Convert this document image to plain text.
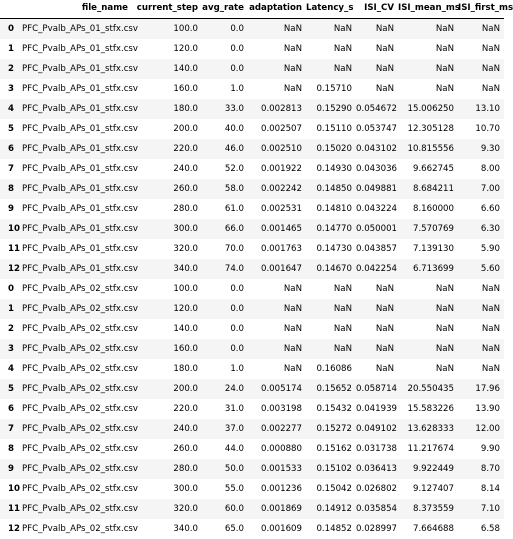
	file_name	current_step	avg_rate	adaptation	Latency_s	ISI_CV	ISI_mean_ms	ISI_first_ms
0	PFC_Pvalb_APs_01_stfx.csv	100.0	0.0	NaN	NaN	NaN	NaN	NaN
1	PFC_Pvalb_APs_01_stfx.csv	120.0	0.0	NaN	NaN	NaN	NaN	NaN
2	PFC_Pvalb_APs_01_stfx.csv	140.0	0.0	NaN	NaN	NaN	NaN	NaN
3	PFC_Pvalb_APs_01_stfx.csv	160.0	1.0	NaN	0.15710	NaN	NaN	NaN
4	PFC_Pvalb_APs_01_stfx.csv	180.0	33.0	0.002813	0.15290	0.054672	15.006250	13.10
5	PFC_Pvalb_APs_01_stfx.csv	200.0	40.0	0.002507	0.15110	0.053747	12.305128	10.70
6	PFC_Pvalb_APs_01_stfx.csv	220.0	46.0	0.002510	0.15020	0.043102	10.815556	9.30
7	PFC_Pvalb_APs_01_stfx.csv	240.0	52.0	0.001922	0.14930	0.043036	9.662745	8.00
8	PFC_Pvalb_APs_01_stfx.csv	260.0	58.0	0.002242	0.14850	0.049881	8.684211	7.00
9	PFC_Pvalb_APs_01_stfx.csv	280.0	61.0	0.002531	0.14810	0.043224	8.160000	6.60
10	PFC_Pvalb_APs_01_stfx.csv	300.0	66.0	0.001465	0.14770	0.050001	7.570769	6.30
11	PFC_Pvalb_APs_01_stfx.csv	320.0	70.0	0.001763	0.14730	0.043857	7.139130	5.90
12	PFC_Pvalb_APs_01_stfx.csv	340.0	74.0	0.001647	0.14670	0.042254	6.713699	5.60
0	PFC_Pvalb_APs_02_stfx.csv	100.0	0.0	NaN	NaN	NaN	NaN	NaN
1	PFC_Pvalb_APs_02_stfx.csv	120.0	0.0	NaN	NaN	NaN	NaN	NaN
2	PFC_Pvalb_APs_02_stfx.csv	140.0	0.0	NaN	NaN	NaN	NaN	NaN
3	PFC_Pvalb_APs_02_stfx.csv	160.0	0.0	NaN	NaN	NaN	NaN	NaN
4	PFC_Pvalb_APs_02_stfx.csv	180.0	1.0	NaN	0.16086	NaN	NaN	NaN
5	PFC_Pvalb_APs_02_stfx.csv	200.0	24.0	0.005174	0.15652	0.058714	20.550435	17.96
6	PFC_Pvalb_APs_02_stfx.csv	220.0	31.0	0.003198	0.15432	0.041939	15.583226	13.90
7	PFC_Pvalb_APs_02_stfx.csv	240.0	37.0	0.002277	0.15272	0.049102	13.628333	12.00
8	PFC_Pvalb_APs_02_stfx.csv	260.0	44.0	0.000880	0.15162	0.031738	11.217674	9.90
9	PFC_Pvalb_APs_02_stfx.csv	280.0	50.0	0.001533	0.15102	0.036413	9.922449	8.70
10	PFC_Pvalb_APs_02_stfx.csv	300.0	55.0	0.001236	0.15042	0.026802	9.127407	8.14
11	PFC_Pvalb_APs_02_stfx.csv	320.0	60.0	0.001869	0.14912	0.035854	8.373559	7.10
12	PFC_Pvalb_APs_02_stfx.csv	340.0	65.0	0.001609	0.14852	0.028997	7.664688	6.58
